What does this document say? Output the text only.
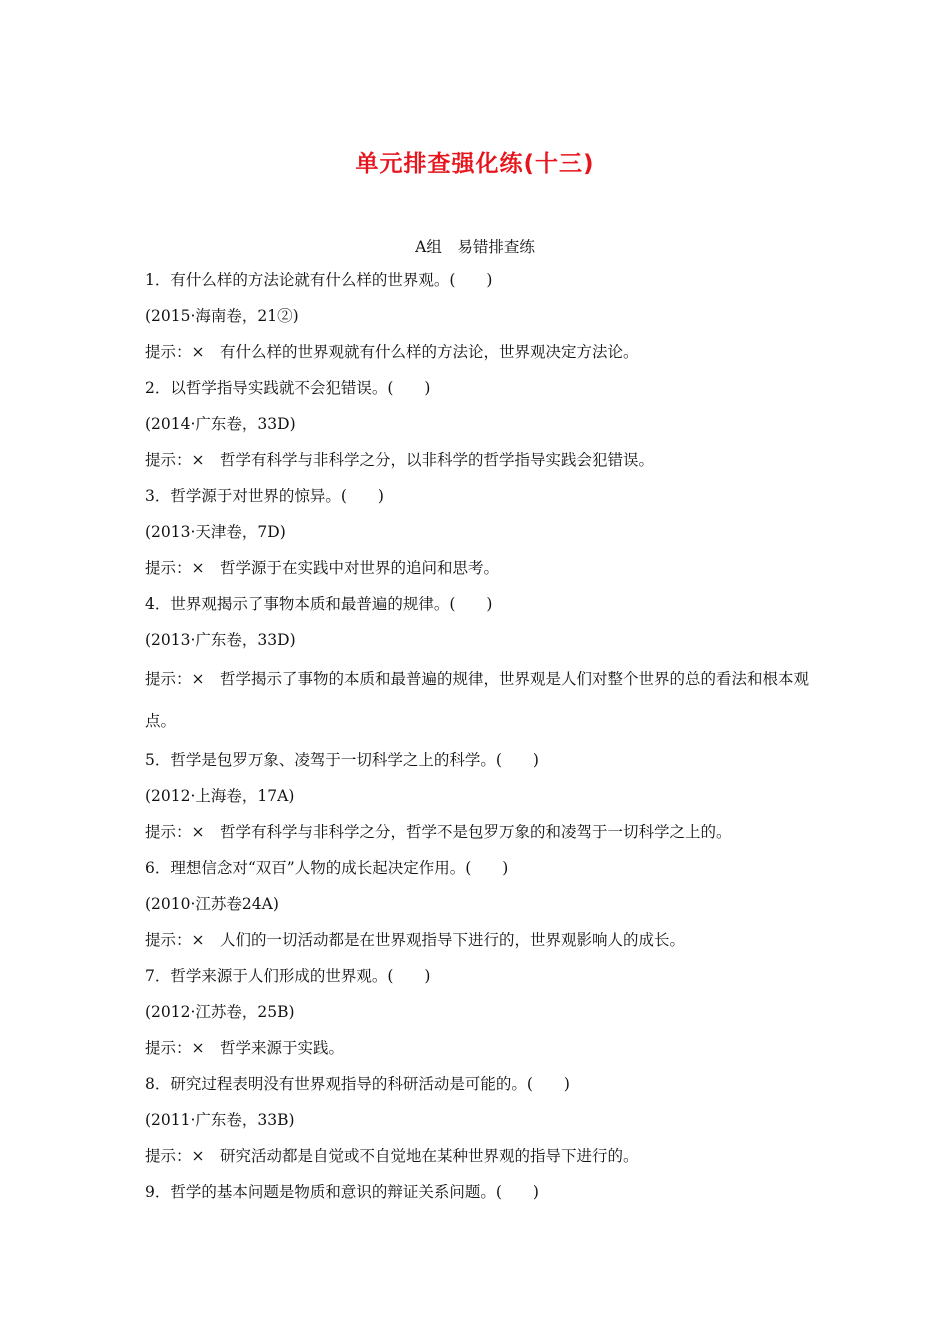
单元排查强化练(十三)
A组　易错排查练
1．有什么样的方法论就有什么样的世界观。(　　)
(2015·海南卷，21②)
提示：×　有什么样的世界观就有什么样的方法论，世界观决定方法论。
2．以哲学指导实践就不会犯错误。(　　)
(2014·广东卷，33D)
提示：×　哲学有科学与非科学之分，以非科学的哲学指导实践会犯错误。
3．哲学源于对世界的惊异。(　　)
(2013·天津卷，7D)
提示：×　哲学源于在实践中对世界的追问和思考。
4．世界观揭示了事物本质和最普遍的规律。(　　)
(2013·广东卷，33D)
提示：×　哲学揭示了事物的本质和最普遍的规律，世界观是人们对整个世界的总的看法和根本观点。
5．哲学是包罗万象、凌驾于一切科学之上的科学。(　　)
(2012·上海卷，17A)
提示：×　哲学有科学与非科学之分，哲学不是包罗万象的和凌驾于一切科学之上的。
6．理想信念对“双百”人物的成长起决定作用。(　　)
(2010·江苏卷24A)
提示：×　人们的一切活动都是在世界观指导下进行的，世界观影响人的成长。
7．哲学来源于人们形成的世界观。(　　)
(2012·江苏卷，25B)
提示：×　哲学来源于实践。
8．研究过程表明没有世界观指导的科研活动是可能的。(　　)
(2011·广东卷，33B)
提示：×　研究活动都是自觉或不自觉地在某种世界观的指导下进行的。
9．哲学的基本问题是物质和意识的辩证关系问题。(　　)
